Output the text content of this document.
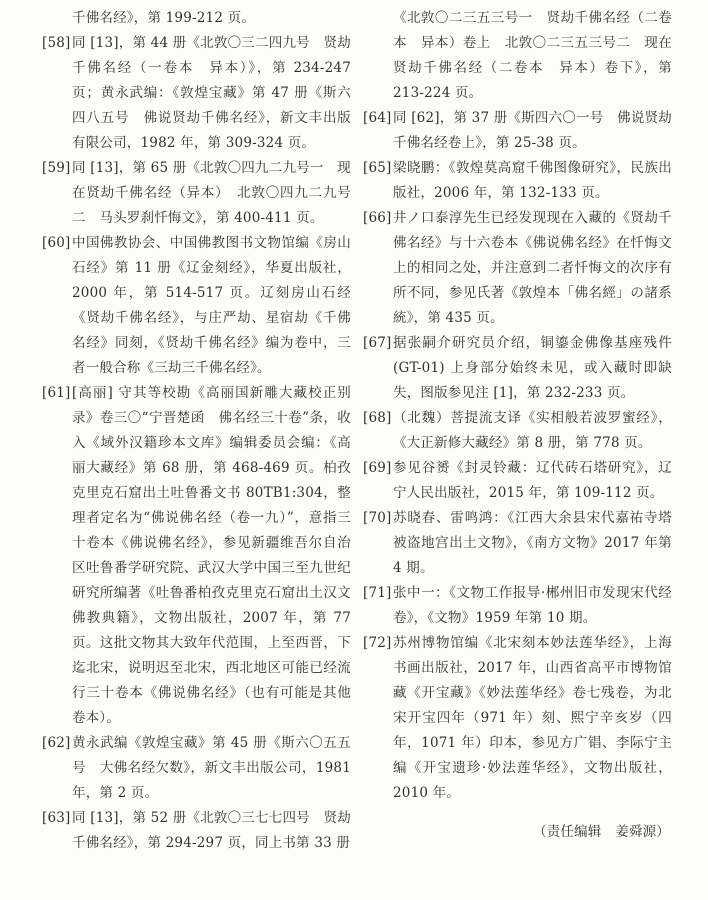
千佛名经》，第 199-212 页。
[58] 同 [13]，第 44 册《北敦〇三二四九号　贤劫千佛名经（一卷本　异本）》，第 234-247 页；黄永武编：《敦煌宝藏》第 47 册《斯六四八五号　佛说贤劫千佛名经》，新文丰出版有限公司，1982 年，第 309-324 页。
[59] 同 [13]，第 65 册《北敦〇四九二九号一　现在贤劫千佛名经（异本）　北敦〇四九二九号二　马头罗刹忏悔文》，第 400-411 页。
[60] 中国佛教协会、中国佛教图书文物馆编《房山石经》第 11 册《辽金刻经》，华夏出版社，2000 年，第 514-517 页。辽刻房山石经《贤劫千佛名经》，与庄严劫、星宿劫《千佛名经》同刻，《贤劫千佛名经》编为卷中，三者一般合称《三劫三千佛名经》。
[61] [高丽] 守其等校勘《高丽国新雕大藏校正别录》卷三〇“宁晋楚函　佛名经三十卷”条，收入《域外汉籍珍本文库》编辑委员会编：《高丽大藏经》第 68 册，第 468-469 页。柏孜克里克石窟出土吐鲁番文书 80TB1:304，整理者定名为“佛说佛名经（卷一九）”，意指三十卷本《佛说佛名经》，参见新疆维吾尔自治区吐鲁番学研究院、武汉大学中国三至九世纪研究所编著《吐鲁番柏孜克里克石窟出土汉文佛教典籍》，文物出版社，2007 年，第 77 页。这批文物其大致年代范围，上至西晋，下迄北宋，说明迟至北宋，西北地区可能已经流行三十卷本《佛说佛名经》（也有可能是其他卷本）。
[62] 黄永武编《敦煌宝藏》第 45 册《斯六〇五五号　大佛名经欠数》，新文丰出版公司，1981 年，第 2 页。
[63] 同 [13]，第 52 册《北敦〇三七七四号　贤劫千佛名经》，第 294-297 页，同上书第 33 册
《北敦〇二三五三号一　贤劫千佛名经（二卷本　异本）卷上　北敦〇二三五三号二　现在贤劫千佛名经（二卷本　异本）卷下》，第 213-224 页。
[64] 同 [62]，第 37 册《斯四六〇一号　佛说贤劫千佛名经卷上》，第 25-38 页。
[65] 梁晓鹏：《敦煌莫高窟千佛图像研究》，民族出版社，2006 年，第 132-133 页。
[66] 井ノ口泰淳先生已经发现现在入藏的《贤劫千佛名经》与十六卷本《佛说佛名经》在忏悔文上的相同之处，并注意到二者忏悔文的次序有所不同，参见氏著《敦煌本「佛名經」の諸系統》，第 435 页。
[67] 据张嗣介研究员介绍，铜鎏金佛像基座残件 (GT-01) 上身部分始终未见，或入藏时即缺失，图版参见注 [1]，第 232-233 页。
[68] （北魏）菩提流支译《实相般若波罗蜜经》，《大正新修大藏经》第 8 册，第 778 页。
[69] 参见谷赟《封灵铃藏：辽代砖石塔研究》，辽宁人民出版社，2015 年，第 109-112 页。
[70] 苏晓春、雷鸣鸿：《江西大余县宋代嘉祐寺塔被盗地宫出土文物》，《南方文物》2017 年第 4 期。
[71] 张中一：《文物工作报导·郴州旧市发现宋代经卷》，《文物》1959 年第 10 期。
[72] 苏州博物馆编《北宋刻本妙法莲华经》，上海书画出版社，2017 年，山西省高平市博物馆藏《开宝藏》《妙法莲华经》卷七残卷，为北宋开宝四年（971 年）刻、熙宁辛亥岁（四年，1071 年）印本，参见方广锠、李际宁主编《开宝遗珍·妙法莲华经》，文物出版社，2010 年。
（责任编辑　姜舜源）
